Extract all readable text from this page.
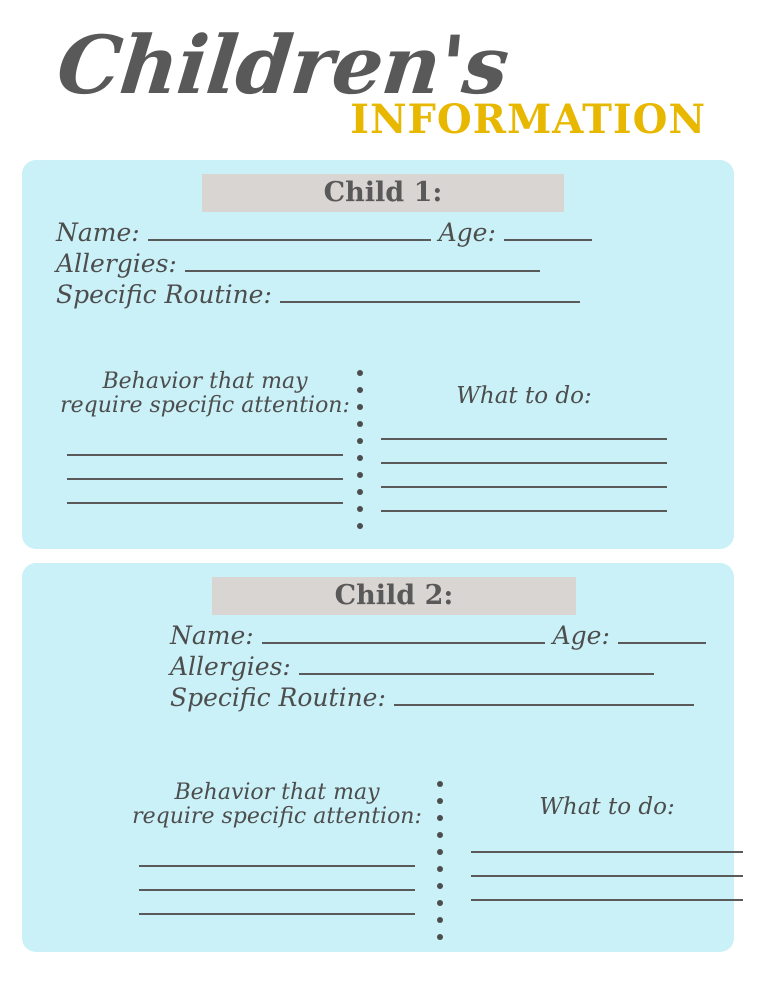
Children's
INFORMATION
Child 1:
Name:	Age:
Allergies:
Specific Routine:
Behavior that may require specific attention:	What to do:
Child 2:
Name:	Age:
Allergies:
Specific Routine:
Behavior that may require specific attention:	What to do:
